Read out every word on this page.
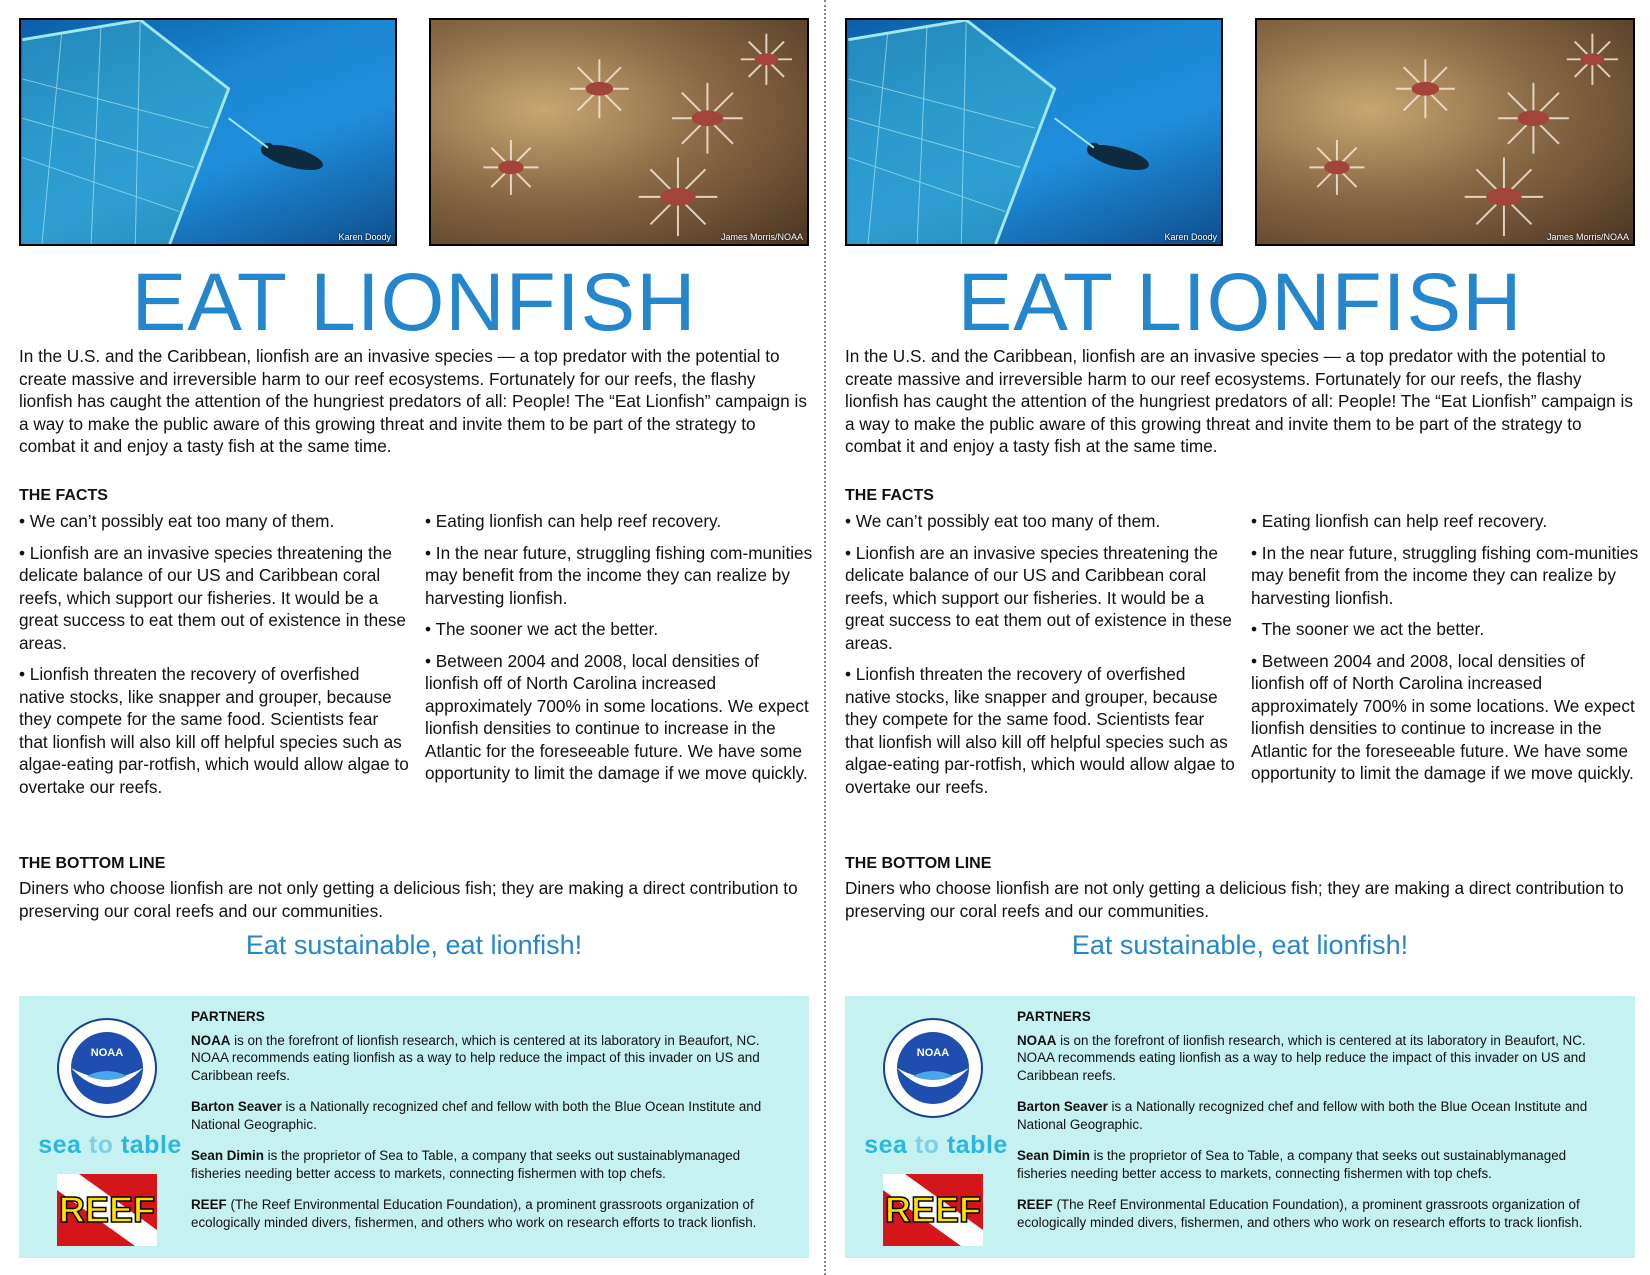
Karen Doody	James Morris/NOAA
EAT LIONFISH

In the U.S. and the Caribbean, lionfish are an invasive species — a top predator with the potential to create massive and irreversible harm to our reef ecosystems. Fortunately for our reefs, the flashy lionfish has caught the attention of the hungriest predators of all: People! The “Eat Lionfish” campaign is a way to make the public aware of this growing threat and invite them to be part of the strategy to combat it and enjoy a tasty fish at the same time.

THE FACTS

• We can’t possibly eat too many of them.

• Lionfish are an invasive species threatening the delicate balance of our US and Caribbean coral reefs, which support our fisheries. It would be a great success to eat them out of existence in these areas.

• Lionfish threaten the recovery of overfished native stocks, like snapper and grouper, because they compete for the same food. Scientists fear that lionfish will also kill off helpful species such as algae-eating par-rotfish, which would allow algae to overtake our reefs.

• Eating lionfish can help reef recovery.

• In the near future, struggling fishing com-munities may benefit from the income they can realize by harvesting lionfish.

• The sooner we act the better.

• Between 2004 and 2008, local densities of lionfish off of North Carolina increased approximately 700% in some locations. We expect lionfish densities to continue to increase in the Atlantic for the foreseeable future. We have some opportunity to limit the damage if we move quickly.

THE BOTTOM LINE

Diners who choose lionfish are not only getting a delicious fish; they are making a direct contribution to preserving our coral reefs and our communities.

Eat sustainable, eat lionfish!

NOAA
sea to table
REEF
PARTNERS

NOAA is on the forefront of lionfish research, which is centered at its laboratory in Beaufort, NC. NOAA recommends eating lionfish as a way to help reduce the impact of this invader on US and Caribbean reefs.

Barton Seaver is a Nationally recognized chef and fellow with both the Blue Ocean Institute and National Geographic.

Sean Dimin is the proprietor of Sea to Table, a company that seeks out sustainablymanaged fisheries needing better access to markets, connecting fishermen with top chefs.

REEF (The Reef Environmental Education Foundation), a prominent grassroots organization of ecologically minded divers, fishermen, and others who work on research efforts to track lionfish.

Karen Doody	James Morris/NOAA
EAT LIONFISH

In the U.S. and the Caribbean, lionfish are an invasive species — a top predator with the potential to create massive and irreversible harm to our reef ecosystems. Fortunately for our reefs, the flashy lionfish has caught the attention of the hungriest predators of all: People! The “Eat Lionfish” campaign is a way to make the public aware of this growing threat and invite them to be part of the strategy to combat it and enjoy a tasty fish at the same time.

THE FACTS

• We can’t possibly eat too many of them.

• Lionfish are an invasive species threatening the delicate balance of our US and Caribbean coral reefs, which support our fisheries. It would be a great success to eat them out of existence in these areas.

• Lionfish threaten the recovery of overfished native stocks, like snapper and grouper, because they compete for the same food. Scientists fear that lionfish will also kill off helpful species such as algae-eating par-rotfish, which would allow algae to overtake our reefs.

• Eating lionfish can help reef recovery.

• In the near future, struggling fishing com-munities may benefit from the income they can realize by harvesting lionfish.

• The sooner we act the better.

• Between 2004 and 2008, local densities of lionfish off of North Carolina increased approximately 700% in some locations. We expect lionfish densities to continue to increase in the Atlantic for the foreseeable future. We have some opportunity to limit the damage if we move quickly.

THE BOTTOM LINE

Diners who choose lionfish are not only getting a delicious fish; they are making a direct contribution to preserving our coral reefs and our communities.

Eat sustainable, eat lionfish!

NOAA
sea to table
REEF
PARTNERS

NOAA is on the forefront of lionfish research, which is centered at its laboratory in Beaufort, NC. NOAA recommends eating lionfish as a way to help reduce the impact of this invader on US and Caribbean reefs.

Barton Seaver is a Nationally recognized chef and fellow with both the Blue Ocean Institute and National Geographic.

Sean Dimin is the proprietor of Sea to Table, a company that seeks out sustainablymanaged fisheries needing better access to markets, connecting fishermen with top chefs.

REEF (The Reef Environmental Education Foundation), a prominent grassroots organization of ecologically minded divers, fishermen, and others who work on research efforts to track lionfish.
